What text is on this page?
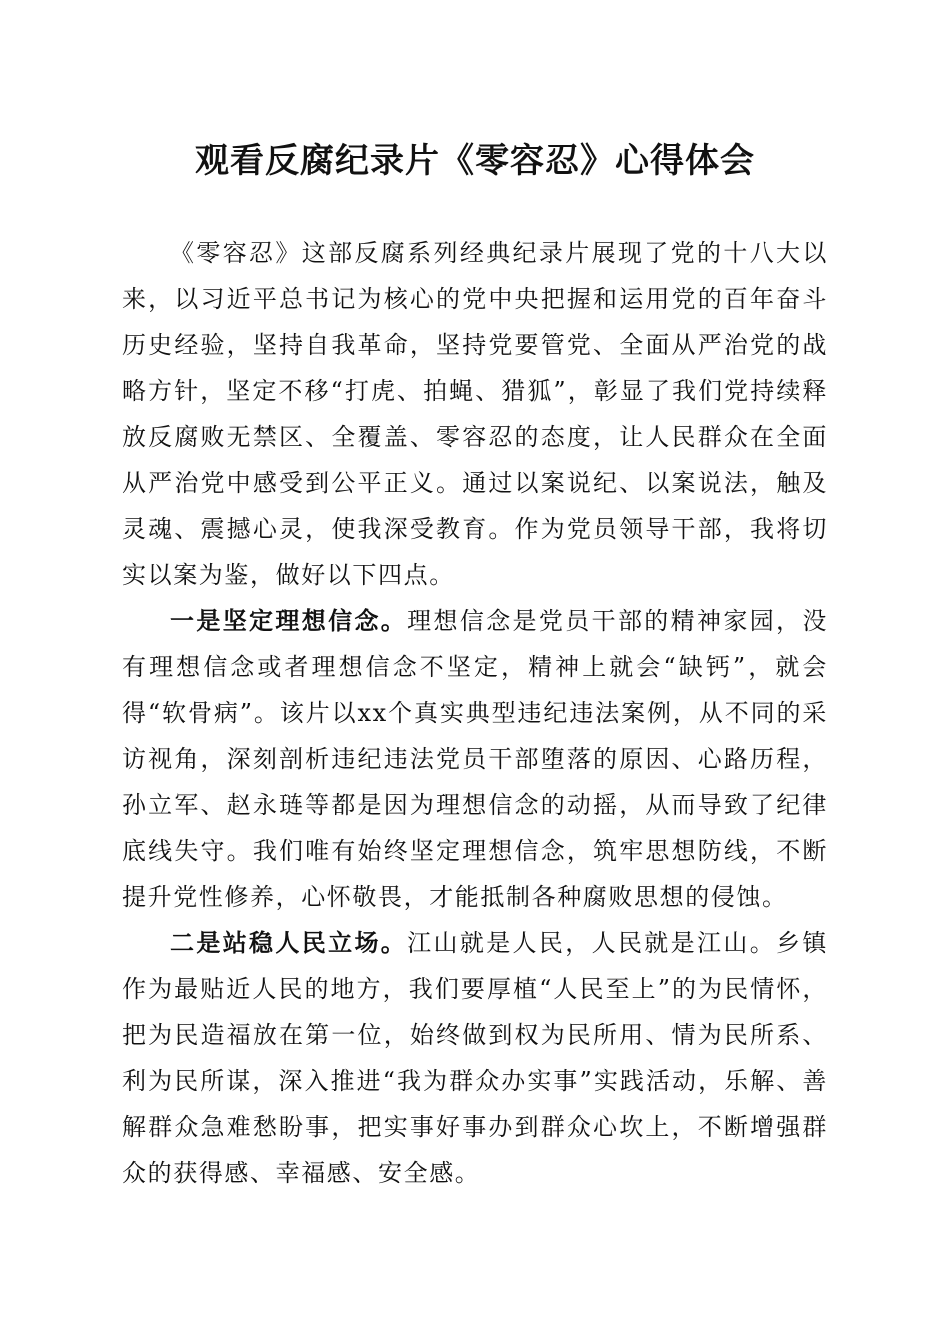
观看反腐纪录片《零容忍》心得体会

《零容忍》这部反腐系列经典纪录片展现了党的十八大以来，以习近平总书记为核心的党中央把握和运用党的百年奋斗历史经验，坚持自我革命，坚持党要管党、全面从严治党的战略方针，坚定不移“打虎、拍蝇、猎狐”，彰显了我们党持续释放反腐败无禁区、全覆盖、零容忍的态度，让人民群众在全面从严治党中感受到公平正义。通过以案说纪、以案说法，触及灵魂、震撼心灵，使我深受教育。作为党员领导干部，我将切实以案为鉴，做好以下四点。

一是坚定理想信念。理想信念是党员干部的精神家园，没有理想信念或者理想信念不坚定，精神上就会“缺钙”，就会得“软骨病”。该片以xx个真实典型违纪违法案例，从不同的采访视角，深刻剖析违纪违法党员干部堕落的原因、心路历程，孙立军、赵永琏等都是因为理想信念的动摇，从而导致了纪律底线失守。我们唯有始终坚定理想信念，筑牢思想防线，不断提升党性修养，心怀敬畏，才能抵制各种腐败思想的侵蚀。

二是站稳人民立场。江山就是人民，人民就是江山。乡镇作为最贴近人民的地方，我们要厚植“人民至上”的为民情怀，把为民造福放在第一位，始终做到权为民所用、情为民所系、利为民所谋，深入推进“我为群众办实事”实践活动，乐解、善解群众急难愁盼事，把实事好事办到群众心坎上，不断增强群众的获得感、幸福感、安全感。
